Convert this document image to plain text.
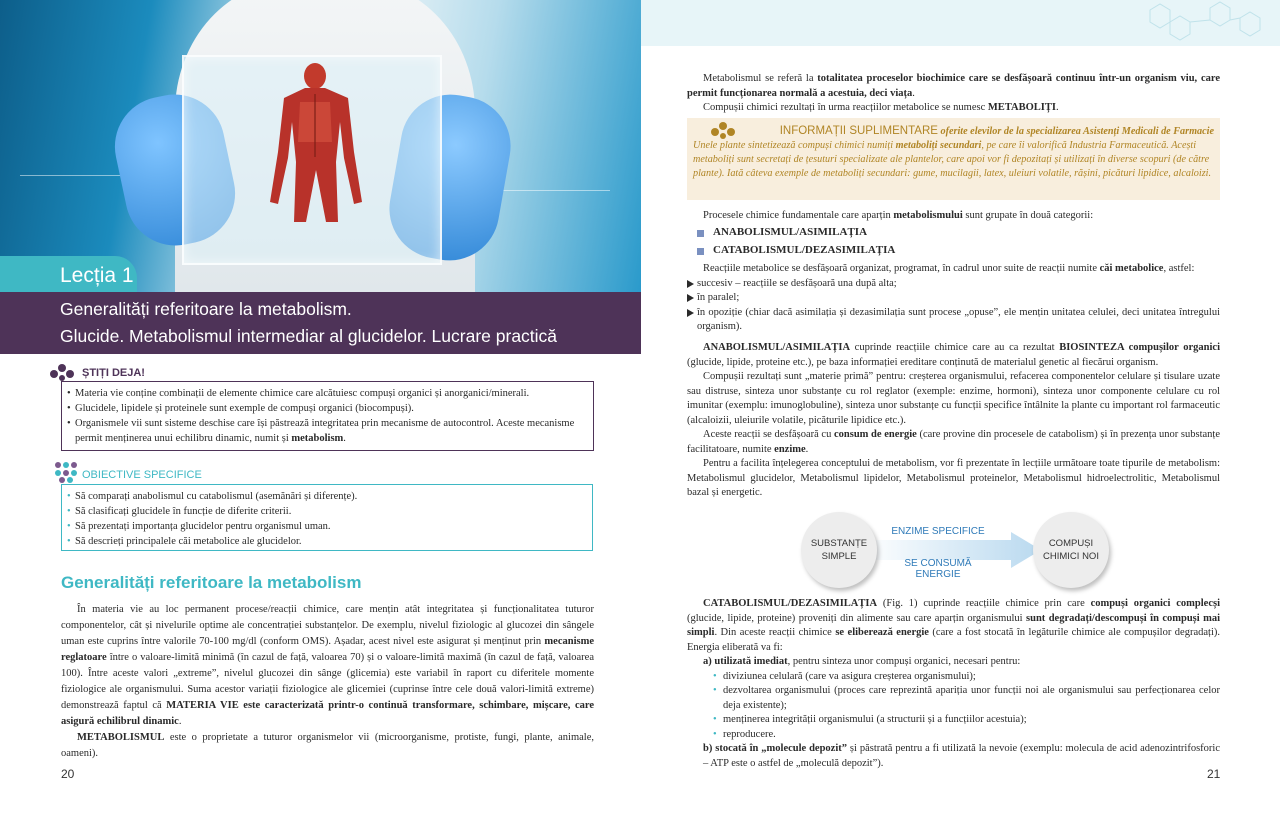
Lecția 1
Generalități referitoare la metabolism.
Glucide. Metabolismul intermediar al glucidelor. Lucrare practică
ȘTIȚI DEJA!
• Materia vie conține combinații de elemente chimice care alcătuiesc compuși organici și anorganici/minerali.
• Glucidele, lipidele și proteinele sunt exemple de compuși organici (biocompuși).
• Organismele vii sunt sisteme deschise care își păstrează integritatea prin mecanisme de autocontrol. Aceste mecanisme permit menținerea unui echilibru dinamic, numit și metabolism.
OBIECTIVE SPECIFICE
• Să comparați anabolismul cu catabolismul (asemănări și diferențe).
• Să clasificați glucidele în funcție de diferite criterii.
• Să prezentați importanța glucidelor pentru organismul uman.
• Să descrieți principalele căi metabolice ale glucidelor.
Generalități referitoare la metabolism

În materia vie au loc permanent procese/reacții chimice, care mențin atât integritatea și funcționalitatea tuturor componentelor, cât și nivelurile optime ale concentrației substanțelor. De exemplu, nivelul fiziologic al glucozei din sângele uman este cuprins între valorile 70-100 mg/dl (conform OMS). Așadar, acest nivel este asigurat și menținut prin mecanisme reglatoare între o valoare-limită minimă (în cazul de față, valoarea 70) și o valoare-limită maximă (în cazul de față, valoarea 100). Între aceste valori „extreme”, nivelul glucozei din sânge (glicemia) este variabil în raport cu diferitele momente fiziologice ale organismului. Suma acestor variații fiziologice ale glicemiei (cuprinse între cele două valori-limită extreme) demonstrează faptul că MATERIA VIE este caracterizată printr-o continuă transformare, schimbare, mișcare, care asigură echilibrul dinamic.

METABOLISMUL este o proprietate a tuturor organismelor vii (microorganisme, protiste, fungi, plante, animale, oameni).

20

Metabolismul se referă la totalitatea proceselor biochimice care se desfășoară continuu într-un organism viu, care permit funcționarea normală a acestuia, deci viața.

Compușii chimici rezultați în urma reacțiilor metabolice se numesc METABOLIȚI.

INFORMAȚII SUPLIMENTARE oferite elevilor de la specializarea Asistenți Medicali de Farmacie
Unele plante sintetizează compuși chimici numiți metaboliți secundari, pe care îi valorifică Industria Farmaceutică. Acești metaboliți sunt secretați de țesuturi specializate ale plantelor, care apoi vor fi depozitați și utilizați în diverse scopuri (de către plante). Iată câteva exemple de metaboliți secundari: gume, mucilagii, latex, uleiuri volatile, rășini, picături lipidice, alcaloizi.

Procesele chimice fundamentale care aparțin metabolismului sunt grupate în două categorii:

ANABOLISMUL/ASIMILAȚIA
CATABOLISMUL/DEZASIMILAȚIA

Reacțiile metabolice se desfășoară organizat, programat, în cadrul unor suite de reacții numite căi metabolice, astfel:

succesiv – reacțiile se desfășoară una după alta;
în paralel;
în opoziție (chiar dacă asimilația și dezasimilația sunt procese „opuse”, ele mențin unitatea celulei, deci unitatea întregului organism).

ANABOLISMUL/ASIMILAȚIA cuprinde reacțiile chimice care au ca rezultat BIOSINTEZA compușilor organici (glucide, lipide, proteine etc.), pe baza informației ereditare conținută de materialul genetic al fiecărui organism.

Compușii rezultați sunt „materie primă” pentru: creșterea organismului, refacerea componentelor celulare și tisulare uzate sau distruse, sinteza unor substanțe cu rol reglator (exemple: enzime, hormoni), sinteza unor componente celulare cu rol imunitar (exemplu: imunoglobuline), sinteza unor substanțe cu funcții specifice întâlnite la plante cu important rol farmaceutic (alcaloizii, uleiurile volatile, picăturile lipidice etc.).

Aceste reacții se desfășoară cu consum de energie (care provine din procesele de catabolism) și în prezența unor substanțe facilitatoare, numite enzime.

Pentru a facilita înțelegerea conceptului de metabolism, vor fi prezentate în lecțiile următoare toate tipurile de metabolism: Metabolismul glucidelor, Metabolismul lipidelor, Metabolismul proteinelor, Metabolismul hidroelectrolitic, Metabolismul bazal și energetic.

SUBSTANȚE
SIMPLE
COMPUȘI
CHIMICI NOI
ENZIME SPECIFICE
SE CONSUMĂ
ENERGIE

CATABOLISMUL/DEZASIMILAȚIA (Fig. 1) cuprinde reacțiile chimice prin care compuși organici complecși (glucide, lipide, proteine) proveniți din alimente sau care aparțin organismului sunt degradați/descompuși în compuși mai simpli. Din aceste reacții chimice se eliberează energie (care a fost stocată în legăturile chimice ale compușilor degradați). Energia eliberată va fi:

a) utilizată imediat, pentru sinteza unor compuși organici, necesari pentru:
• diviziunea celulară (care va asigura creșterea organismului);
• dezvoltarea organismului (proces care reprezintă apariția unor funcții noi ale organismului sau perfecționarea celor deja existente);
• menținerea integrității organismului (a structurii și a funcțiilor acestuia);
• reproducere.
b) stocată în „molecule depozit” și păstrată pentru a fi utilizată la nevoie (exemplu: molecula de acid adenozintrifosforic – ATP este o astfel de „moleculă depozit”).
21
